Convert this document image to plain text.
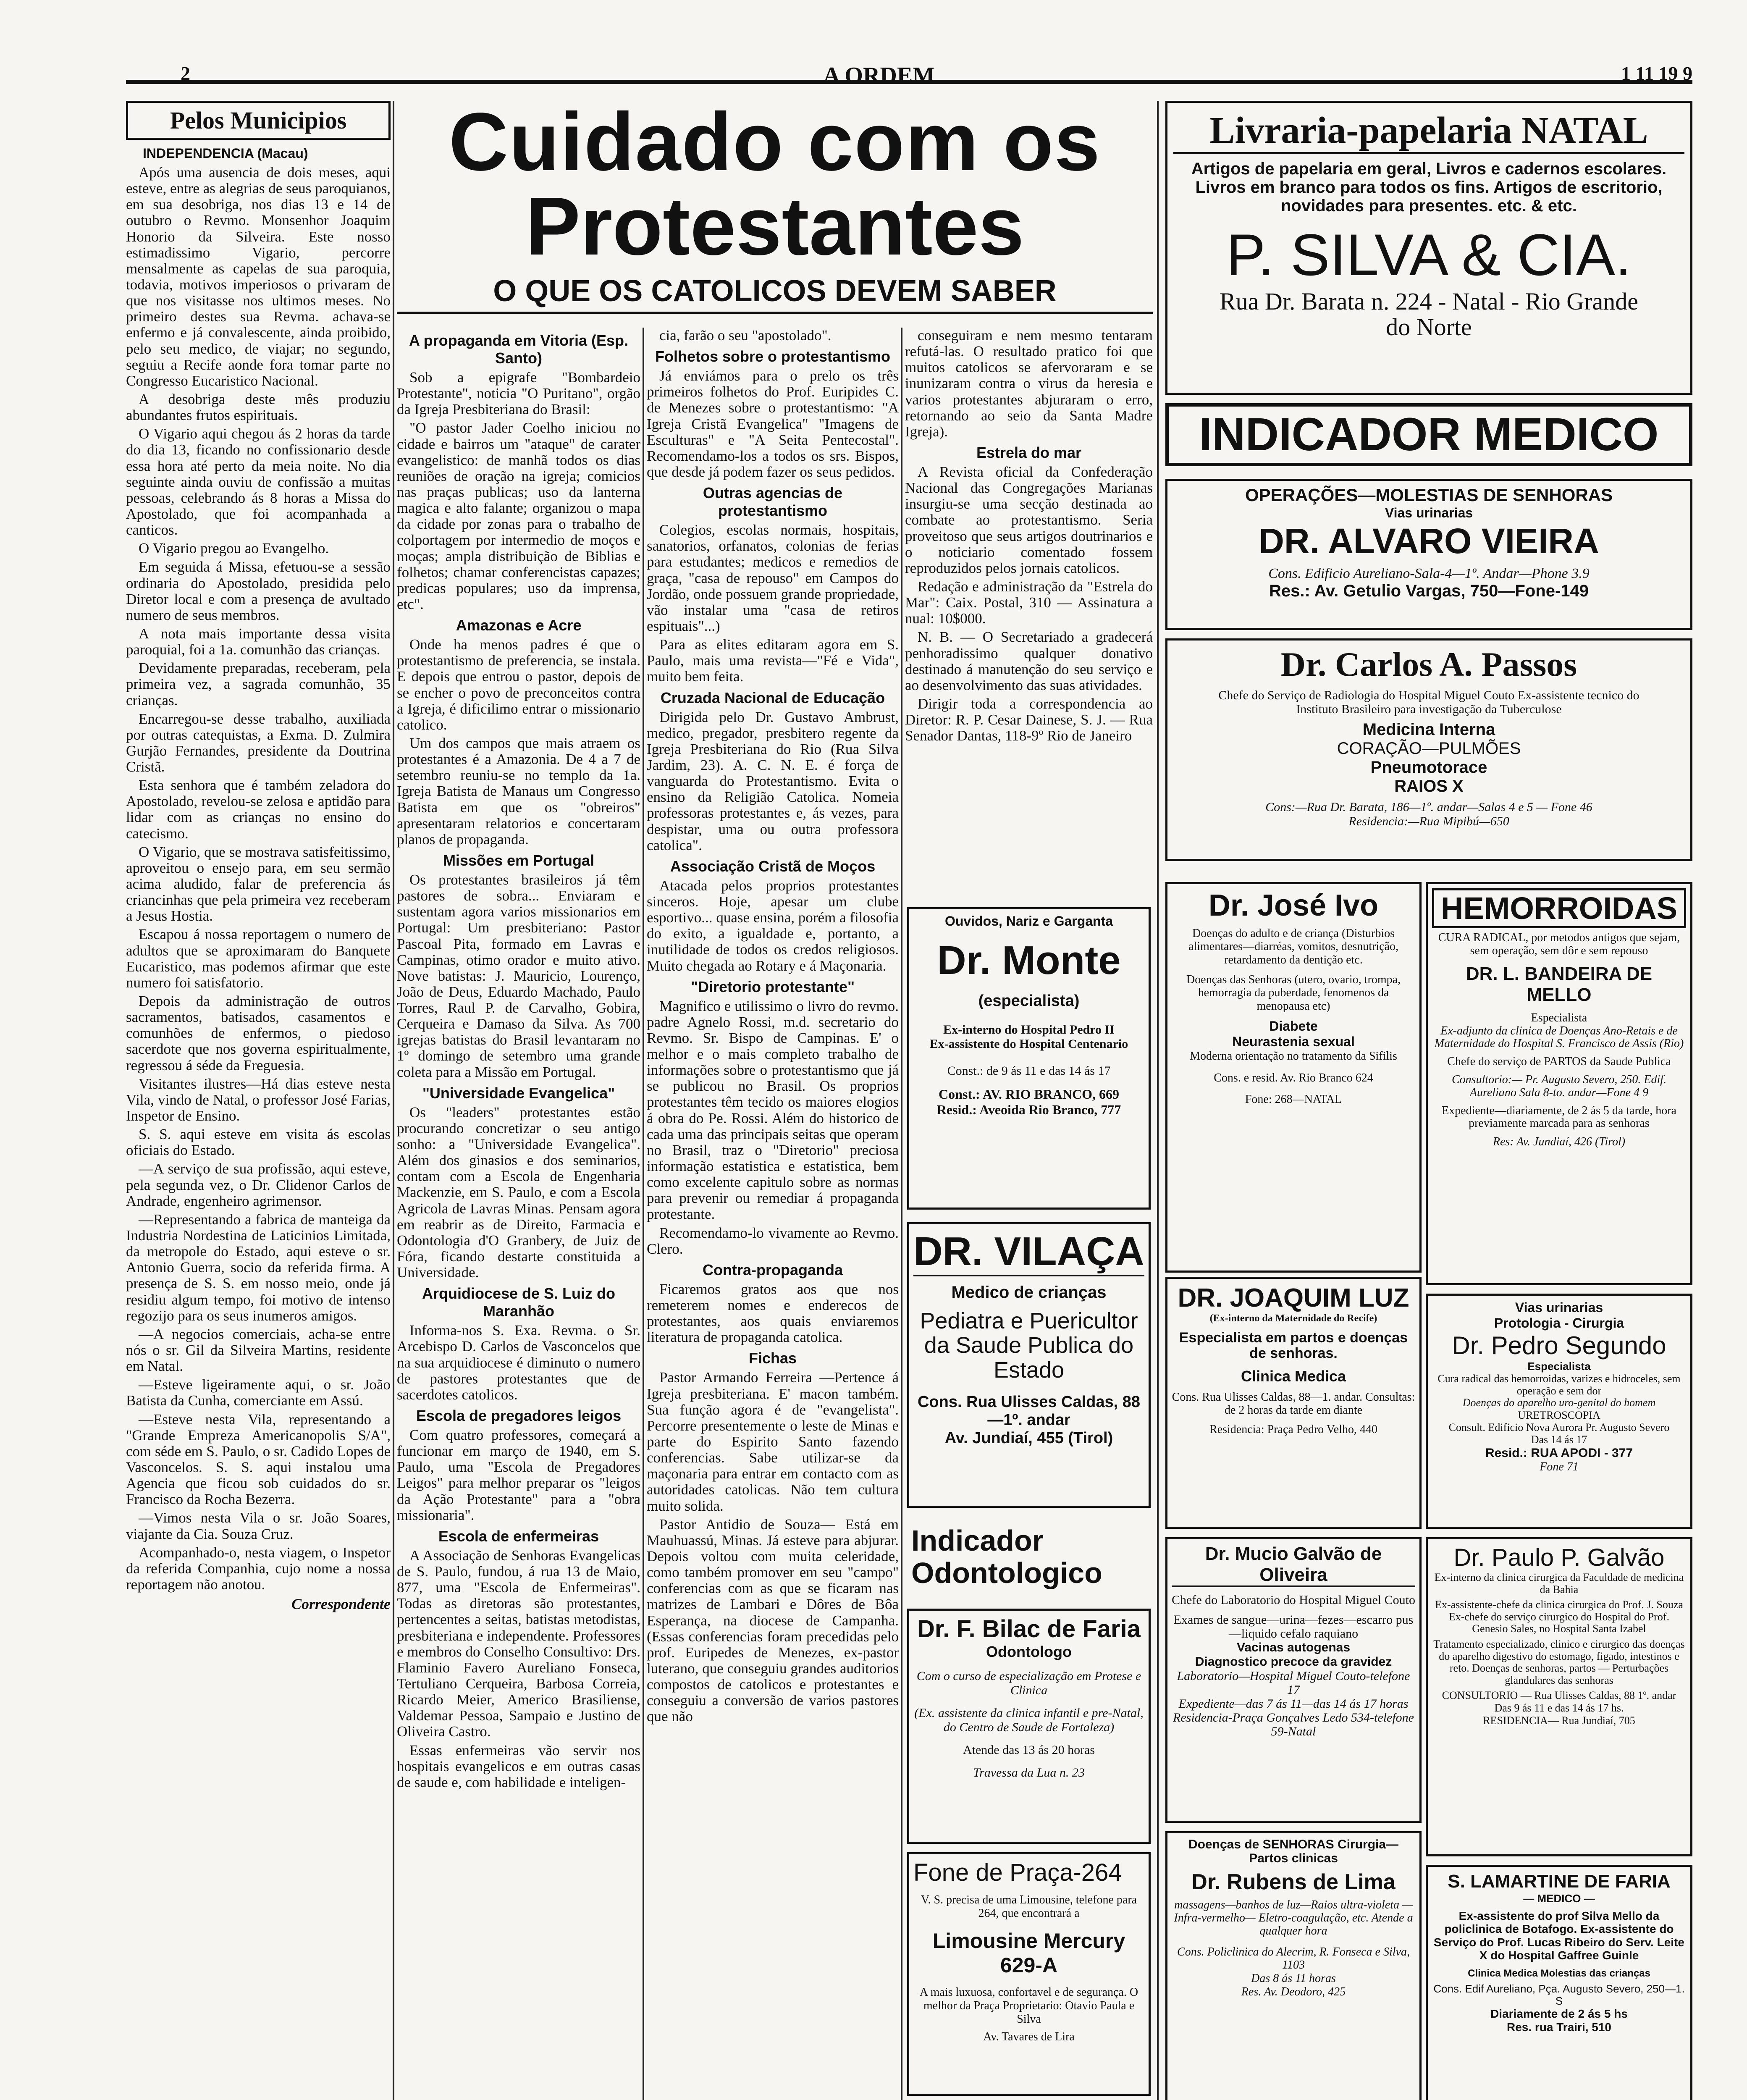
2	A ORDEM	1 11 19 9
Pelos Municipios
INDEPENDENCIA (Macau)

Após uma ausencia de dois meses, aqui esteve, entre as alegrias de seus paroquianos, em sua desobriga, nos dias 13 e 14 de outubro o Revmo. Monsenhor Joaquim Honorio da Silveira. Este nosso estimadissimo Vigario, percorre mensalmente as capelas de sua paroquia, todavia, motivos imperiosos o privaram de que nos visitasse nos ultimos meses. No primeiro destes sua Revma. achava-se enfermo e já convalescente, ainda proibido, pelo seu medico, de viajar; no segundo, seguiu a Recife aonde fora tomar parte no Congresso Eucaristico Nacional.

A desobriga deste mês produziu abundantes frutos espirituais.

O Vigario aqui chegou ás 2 horas da tarde do dia 13, ficando no confissionario desde essa hora até perto da meia noite. No dia seguinte ainda ouviu de confissão a muitas pessoas, celebrando ás 8 horas a Missa do Apostolado, que foi acompanhada a canticos.

O Vigario pregou ao Evangelho.

Em seguida á Missa, efetuou-se a sessão ordinaria do Apostolado, presidida pelo Diretor local e com a presença de avultado numero de seus membros.

A nota mais importante dessa visita paroquial, foi a 1a. comunhão das crianças.

Devidamente preparadas, receberam, pela primeira vez, a sagrada comunhão, 35 crianças.

Encarregou-se desse trabalho, auxiliada por outras catequistas, a Exma. D. Zulmira Gurjão Fernandes, presidente da Doutrina Cristã.

Esta senhora que é também zeladora do Apostolado, revelou-se zelosa e aptidão para lidar com as crianças no ensino do catecismo.

O Vigario, que se mostrava satisfeitissimo, aproveitou o ensejo para, em seu sermão acima aludido, falar de preferencia ás criancinhas que pela primeira vez receberam a Jesus Hostia.

Escapou á nossa reportagem o numero de adultos que se aproximaram do Banquete Eucaristico, mas podemos afirmar que este numero foi satisfatorio.

Depois da administração de outros sacramentos, batisados, casamentos e comunhões de enfermos, o piedoso sacerdote que nos governa espiritualmente, regressou á séde da Freguesia.

Visitantes ilustres—Há dias esteve nesta Vila, vindo de Natal, o professor José Farias, Inspetor de Ensino.

S. S. aqui esteve em visita ás escolas oficiais do Estado.

—A serviço de sua profissão, aqui esteve, pela segunda vez, o Dr. Clidenor Carlos de Andrade, engenheiro agrimensor.

—Representando a fabrica de manteiga da Industria Nordestina de Laticinios Limitada, da metropole do Estado, aqui esteve o sr. Antonio Guerra, socio da referida firma. A presença de S. S. em nosso meio, onde já residiu algum tempo, foi motivo de intenso regozijo para os seus inumeros amigos.

—A negocios comerciais, acha-se entre nós o sr. Gil da Silveira Martins, residente em Natal.

—Esteve ligeiramente aqui, o sr. João Batista da Cunha, comerciante em Assú.

—Esteve nesta Vila, representando a "Grande Empreza Americanopolis S/A", com séde em S. Paulo, o sr. Cadido Lopes de Vasconcelos. S. S. aqui instalou uma Agencia que ficou sob cuidados do sr. Francisco da Rocha Bezerra.

—Vimos nesta Vila o sr. João Soares, viajante da Cia. Souza Cruz.

Acompanhado-o, nesta viagem, o Inspetor da referida Companhia, cujo nome a nossa reportagem não anotou.

Correspondente
Cuidado com os
Protestantes
O QUE OS CATOLICOS DEVEM SABER
A propaganda em Vitoria (Esp. Santo)

Sob a epigrafe "Bombardeio Protestante", noticia "O Puritano", orgão da Igreja Presbiteriana do Brasil:

"O pastor Jader Coelho iniciou no cidade e bairros um "ataque" de carater evangelistico: de manhã todos os dias reuniões de oração na igreja; comicios nas praças publicas; uso da lanterna magica e alto falante; organizou o mapa da cidade por zonas para o trabalho de colportagem por intermedio de moços e moças; ampla distribuição de Biblias e folhetos; chamar conferencistas capazes; predicas populares; uso da imprensa, etc".

Amazonas e Acre

Onde ha menos padres é que o protestantismo de preferencia, se instala. E depois que entrou o pastor, depois de se encher o povo de preconceitos contra a Igreja, é dificilimo entrar o missionario catolico.

Um dos campos que mais atraem os protestantes é a Amazonia. De 4 a 7 de setembro reuniu-se no templo da 1a. Igreja Batista de Manaus um Congresso Batista em que os "obreiros" apresentaram relatorios e concertaram planos de propaganda.

Missões em Portugal

Os protestantes brasileiros já têm pastores de sobra... Enviaram e sustentam agora varios missionarios em Portugal: Um presbiteriano: Pastor Pascoal Pita, formado em Lavras e Campinas, otimo orador e muito ativo. Nove batistas: J. Mauricio, Lourenço, João de Deus, Eduardo Machado, Paulo Torres, Raul P. de Carvalho, Gobira, Cerqueira e Damaso da Silva. As 700 igrejas batistas do Brasil levantaram no 1º domingo de setembro uma grande coleta para a Missão em Portugal.

"Universidade Evangelica"

Os "leaders" protestantes estão procurando concretizar o seu antigo sonho: a "Universidade Evangelica". Além dos ginasios e dos seminarios, contam com a Escola de Engenharia Mackenzie, em S. Paulo, e com a Escola Agricola de Lavras Minas. Pensam agora em reabrir as de Direito, Farmacia e Odontologia d'O Granbery, de Juiz de Fóra, ficando destarte constituida a Universidade.

Arquidiocese de S. Luiz do Maranhão

Informa-nos S. Exa. Revma. o Sr. Arcebispo D. Carlos de Vasconcelos que na sua arquidiocese é diminuto o numero de pastores protestantes que de sacerdotes catolicos.

Escola de pregadores leigos

Com quatro professores, começará a funcionar em março de 1940, em S. Paulo, uma "Escola de Pregadores Leigos" para melhor preparar os "leigos da Ação Protestante" para a "obra missionaria".

Escola de enfermeiras

A Associação de Senhoras Evangelicas de S. Paulo, fundou, á rua 13 de Maio, 877, uma "Escola de Enfermeiras". Todas as diretoras são protestantes, pertencentes a seitas, batistas metodistas, presbiteriana e independente. Professores e membros do Conselho Consultivo: Drs. Flaminio Favero Aureliano Fonseca, Tertuliano Cerqueira, Barbosa Correia, Ricardo Meier, Americo Brasiliense, Valdemar Pessoa, Sampaio e Justino de Oliveira Castro.

Essas enfermeiras vão servir nos hospitais evangelicos e em outras casas de saude e, com habilidade e inteligen-

cia, farão o seu "apostolado".

Folhetos sobre o protestantismo

Já enviámos para o prelo os três primeiros folhetos do Prof. Euripides C. de Menezes sobre o protestantismo: "A Igreja Cristã Evangelica" "Imagens de Esculturas" e "A Seita Pentecostal". Recomendamo-los a todos os srs. Bispos, que desde já podem fazer os seus pedidos.

Outras agencias de protestantismo

Colegios, escolas normais, hospitais, sanatorios, orfanatos, colonias de ferias para estudantes; medicos e remedios de graça, "casa de repouso" em Campos do Jordão, onde possuem grande propriedade, vão instalar uma "casa de retiros espituais"...)

Para as elites editaram agora em S. Paulo, mais uma revista—"Fé e Vida", muito bem feita.

Cruzada Nacional de Educação

Dirigida pelo Dr. Gustavo Ambrust, medico, pregador, presbitero regente da Igreja Presbiteriana do Rio (Rua Silva Jardim, 23). A. C. N. E. é força de vanguarda do Protestantismo. Evita o ensino da Religião Catolica. Nomeia professoras protestantes e, ás vezes, para despistar, uma ou outra professora catolica".

Associação Cristã de Moços

Atacada pelos proprios protestantes sinceros. Hoje, apesar um clube esportivo... quase ensina, porém a filosofia do exito, a igualdade e, portanto, a inutilidade de todos os credos religiosos. Muito chegada ao Rotary e á Maçonaria.

"Diretorio protestante"

Magnifico e utilissimo o livro do revmo. padre Agnelo Rossi, m.d. secretario do Revmo. Sr. Bispo de Campinas. E' o melhor e o mais completo trabalho de informações sobre o protestantismo que já se publicou no Brasil. Os proprios protestantes têm tecido os maiores elogios á obra do Pe. Rossi. Além do historico de cada uma das principais seitas que operam no Brasil, traz o "Diretorio" preciosa informação estatistica e estatistica, bem como excelente capitulo sobre as normas para prevenir ou remediar á propaganda protestante.

Recomendamo-lo vivamente ao Revmo. Clero.

Contra-propaganda

Ficaremos gratos aos que nos remeterem nomes e enderecos de protestantes, aos quais enviaremos literatura de propaganda catolica.

Fichas

Pastor Armando Ferreira —Pertence á Igreja presbiteriana. E' macon também. Sua função agora é de "evangelista". Percorre presentemente o leste de Minas e parte do Espirito Santo fazendo conferencias. Sabe utilizar-se da maçonaria para entrar em contacto com as autoridades catolicas. Não tem cultura muito solida.

Pastor Antidio de Souza— Está em Mauhuassú, Minas. Já esteve para abjurar. Depois voltou com muita celeridade, como também promover em seu "campo" conferencias com as que se ficaram nas matrizes de Lambari e Dôres de Bôa Esperança, na diocese de Campanha. (Essas conferencias foram precedidas pelo prof. Euripedes de Menezes, ex-pastor luterano, que conseguiu grandes auditorios compostos de catolicos e protestantes e conseguiu a conversão de varios pastores que não

conseguiram e nem mesmo tentaram refutá-las. O resultado pratico foi que muitos catolicos se afervoraram e se inunizaram contra o virus da heresia e varios protestantes abjuraram o erro, retornando ao seio da Santa Madre Igreja).

Estrela do mar

A Revista oficial da Confederação Nacional das Congregações Marianas insurgiu-se uma secção destinada ao combate ao protestantismo. Seria proveitoso que seus artigos doutrinarios e o noticiario comentado fossem reproduzidos pelos jornais catolicos.

Redação e administração da "Estrela do Mar": Caix. Postal, 310 — Assinatura a nual: 10$000.

N. B. — O Secretariado a gradecerá penhoradissimo qualquer donativo destinado á manutenção do seu serviço e ao desenvolvimento das suas atividades.

Dirigir toda a correspondencia ao Diretor: R. P. Cesar Dainese, S. J. — Rua Senador Dantas, 118-9º Rio de Janeiro

Ouvidos, Nariz e Garganta
Dr. Monte
(especialista)
Ex-interno do Hospital Pedro II
Ex-assistente do Hospital Centenario
Const.: de 9 ás 11 e das 14 ás 17
Const.: AV. RIO BRANCO, 669
Resid.: Aveoida Rio Branco, 777
DR. VILAÇA
Medico de crianças
Pediatra e Puericultor da Saude Publica do Estado
Cons. Rua Ulisses Caldas, 88—1º. andar
Av. Jundiaí, 455 (Tirol)
Indicador Odontologico
Dr. F. Bilac de Faria
Odontologo
Com o curso de especialização em Protese e Clinica
(Ex. assistente da clinica infantil e pre-Natal, do Centro de Saude de Fortaleza)
Atende das 13 ás 20 horas
Travessa da Lua n. 23
Fone de Praça-264
V. S. precisa de uma Limousine, telefone para 264, que encontrará a
Limousine Mercury 629-A
A mais luxuosa, confortavel e de segurança. O melhor da Praça Proprietario: Otavio Paula e Silva
Av. Tavares de Lira
Livraria-papelaria NATAL
Artigos de papelaria em geral, Livros e cadernos escolares. Livros em branco para todos os fins. Artigos de escritorio, novidades para presentes. etc. & etc.
P. SILVA & CIA.
Rua Dr. Barata n. 224 - Natal - Rio Grande do Norte
INDICADOR MEDICO
OPERAÇÕES—MOLESTIAS DE SENHORAS
Vias urinarias
DR. ALVARO VIEIRA
Cons. Edificio Aureliano-Sala-4—1º. Andar—Phone 3.9
Res.: Av. Getulio Vargas, 750—Fone-149
Dr. Carlos A. Passos
Chefe do Serviço de Radiologia do Hospital Miguel Couto Ex-assistente tecnico do Instituto Brasileiro para investigação da Tuberculose
Medicina Interna
CORAÇÃO—PULMÕES
Pneumotorace
RAIOS X
Cons:—Rua Dr. Barata, 186—1º. andar—Salas 4 e 5 — Fone 46
Residencia:—Rua Mipibú—650
Dr. José Ivo
Doenças do adulto e de criança (Disturbios alimentares—diarréas, vomitos, desnutrição, retardamento da dentição etc.
Doenças das Senhoras (utero, ovario, trompa, hemorragia da puberdade, fenomenos da menopausa etc)
Diabete
Neurastenia sexual
Moderna orientação no tratamento da Sifilis
Cons. e resid. Av. Rio Branco 624
Fone: 268—NATAL
HEMORROIDAS
CURA RADICAL, por metodos antigos que sejam, sem operação, sem dôr e sem repouso
DR. L. BANDEIRA DE MELLO
Especialista
Ex-adjunto da clinica de Doenças Ano-Retais e de Maternidade do Hospital S. Francisco de Assis (Rio)
Chefe do serviço de PARTOS da Saude Publica
Consultorio:— Pr. Augusto Severo, 250. Edif. Aureliano Sala 8-to. andar—Fone 4 9
Expediente—diariamente, de 2 ás 5 da tarde, hora previamente marcada para as senhoras
Res: Av. Jundiaí, 426 (Tirol)
DR. JOAQUIM LUZ
(Ex-interno da Maternidade do Recife)
Especialista em partos e doenças de senhoras.
Clinica Medica
Cons. Rua Ulisses Caldas, 88—1. andar. Consultas: de 2 horas da tarde em diante
Residencia: Praça Pedro Velho, 440
Vias urinarias
Protologia - Cirurgia
Dr. Pedro Segundo
Especialista
Cura radical das hemorroidas, varizes e hidroceles, sem operação e sem dor
Doenças do aparelho uro-genital do homem
URETROSCOPIA
Consult. Edificio Nova Aurora Pr. Augusto Severo
Das 14 ás 17
Resid.: RUA APODI - 377
Fone 71
Dr. Mucio Galvão de Oliveira
Chefe do Laboratorio do Hospital Miguel Couto
Exames de sangue—urina—fezes—escarro pus—liquido cefalo raquiano
Vacinas autogenas
Diagnostico precoce da gravidez
Laboratorio—Hospital Miguel Couto-telefone 17
Expediente—das 7 ás 11—das 14 ás 17 horas
Residencia-Praça Gonçalves Ledo 534-telefone 59-Natal
Dr. Paulo P. Galvão
Ex-interno da clinica cirurgica da Faculdade de medicina da Bahia
Ex-assistente-chefe da clinica cirurgica do Prof. J. Souza Ex-chefe do serviço cirurgico do Hospital do Prof. Genesio Sales, no Hospital Santa Izabel
Tratamento especializado, clinico e cirurgico das doenças do aparelho digestivo do estomago, figado, intestinos e reto. Doenças de senhoras, partos — Perturbações glandulares das senhoras
CONSULTORIO — Rua Ulisses Caldas, 88 1º. andar
Das 9 ás 11 e das 14 ás 17 hs.
RESIDENCIA— Rua Jundiaí, 705
Doenças de SENHORAS Cirurgia—Partos clinicas
Dr. Rubens de Lima
massagens—banhos de luz—Raios ultra-violeta — Infra-vermelho— Eletro-coagulação, etc. Atende a qualquer hora
Cons. Policlinica do Alecrim, R. Fonseca e Silva, 1103
Das 8 ás 11 horas
Res. Av. Deodoro, 425
S. LAMARTINE DE FARIA
— MEDICO —
Ex-assistente do prof Silva Mello da policlinica de Botafogo. Ex-assistente do Serviço do Prof. Lucas Ribeiro do Serv. Leite X do Hospital Gaffree Guinle
Clinica Medica Molestias das crianças
Cons. Edif Aureliano, Pça. Augusto Severo, 250—1. S
Diariamente de 2 ás 5 hs
Res. rua Trairi, 510
